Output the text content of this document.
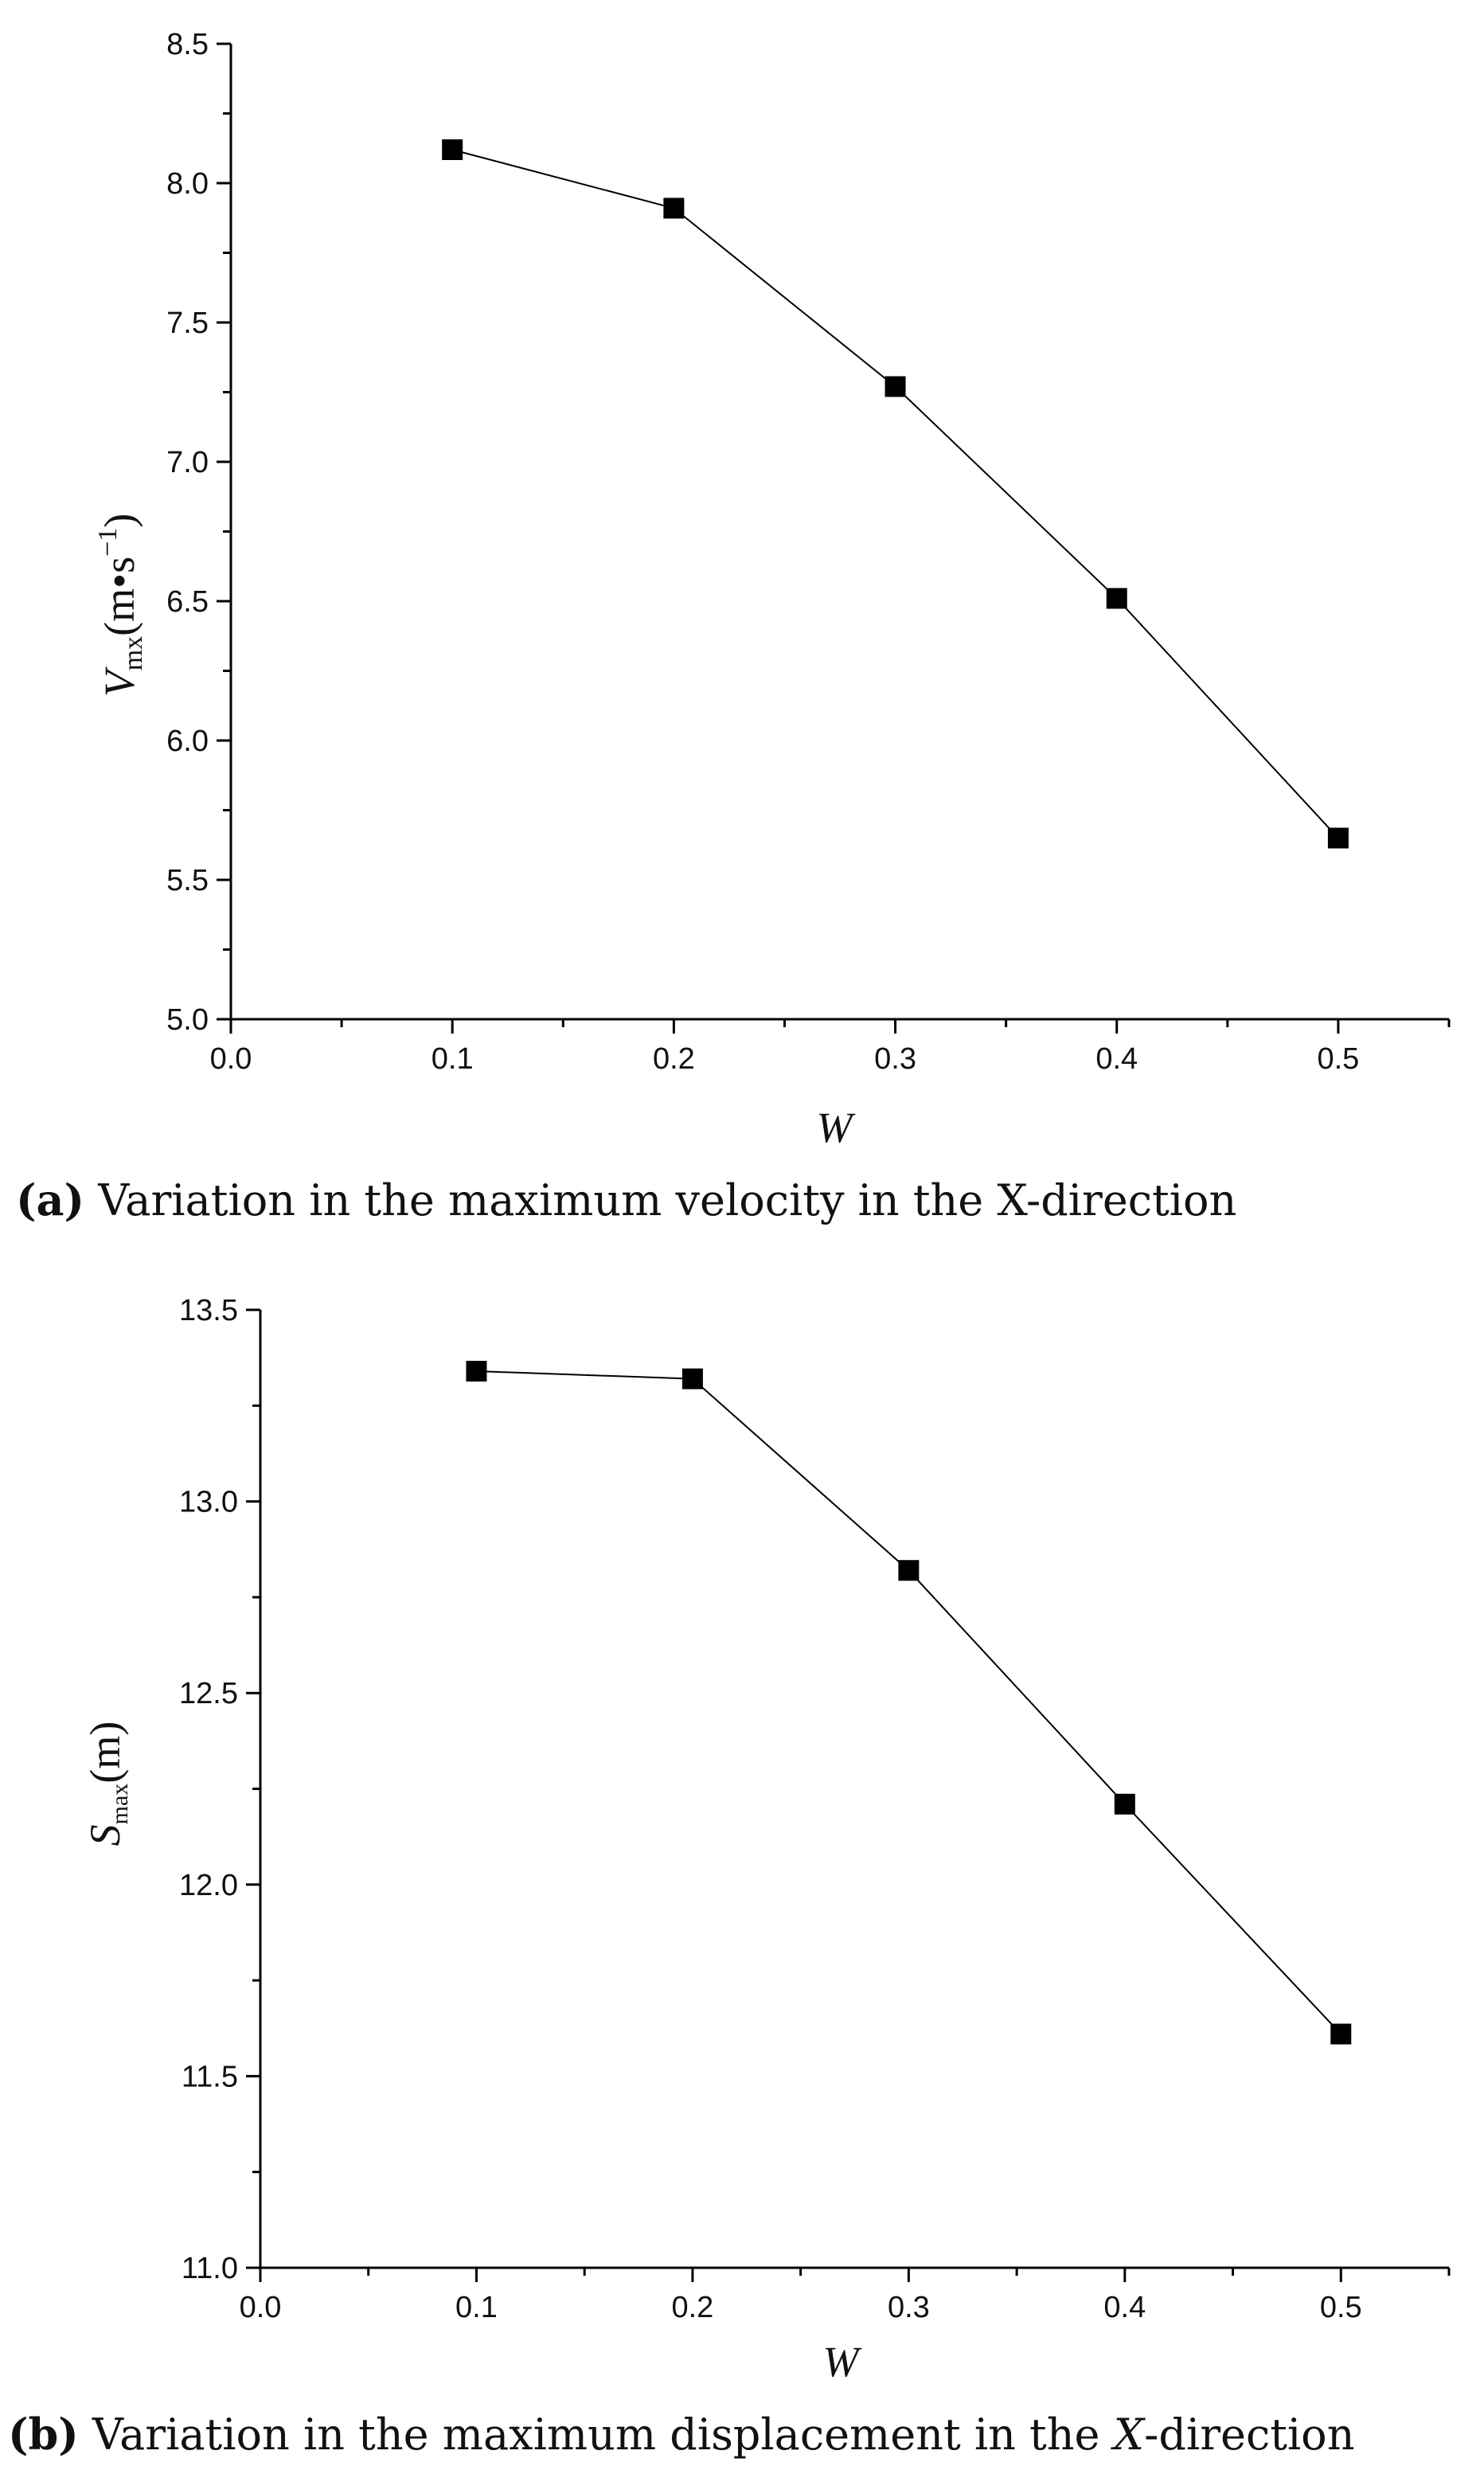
0.0	0.1	0.2	0.3	0.4	0.5
5.0
5.5
6.0
6.5
7.0
7.5
8.0
8.5
W
$Vmx(m•s^{-1})$
(a) Variation in the maximum velocity in the X-direction
0.0	0.1	0.2	0.3	0.4	0.5
11.0
11.5
12.0
12.5
13.0
13.5
W
Smax(m)
(b) Variation in the maximum displacement in the X-direction
